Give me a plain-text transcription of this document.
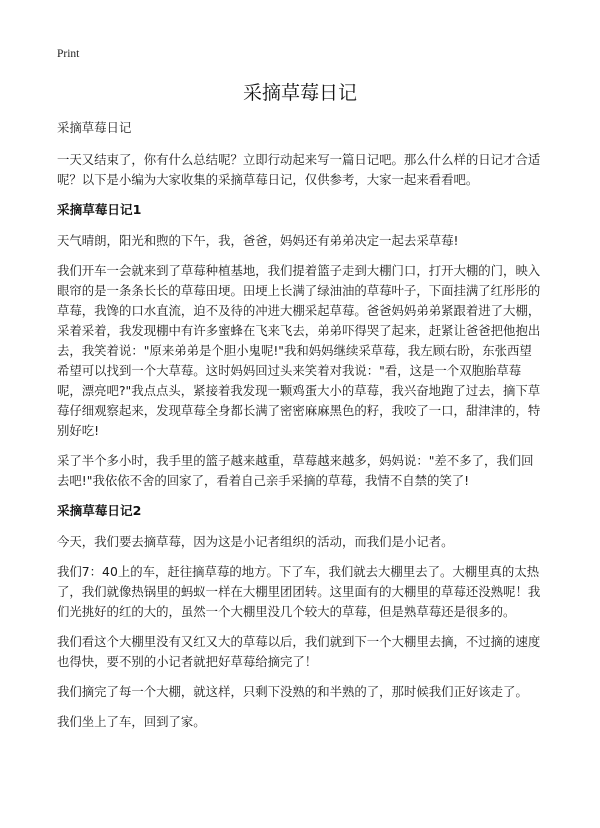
Print
采摘草莓日记

采摘草莓日记

一天又结束了，你有什么总结呢？立即行动起来写一篇日记吧。那么什么样的日记才合适呢？以下是小编为大家收集的采摘草莓日记，仅供参考，大家一起来看看吧。

采摘草莓日记1

天气晴朗，阳光和煦的下午，我，爸爸，妈妈还有弟弟决定一起去采草莓!

我们开车一会就来到了草莓种植基地，我们提着篮子走到大棚门口，打开大棚的门，映入眼帘的是一条条长长的草莓田埂。田埂上长满了绿油油的草莓叶子，下面挂满了红彤彤的草莓，我馋的口水直流，迫不及待的冲进大棚采起草莓。爸爸妈妈弟弟紧跟着进了大棚，采着采着，我发现棚中有许多蜜蜂在飞来飞去，弟弟吓得哭了起来，赶紧让爸爸把他抱出去，我笑着说："原来弟弟是个胆小鬼呢!"我和妈妈继续采草莓，我左顾右盼，东张西望希望可以找到一个大草莓。这时妈妈回过头来笑着对我说："看，这是一个双胞胎草莓呢，漂亮吧?"我点点头，紧接着我发现一颗鸡蛋大小的草莓，我兴奋地跑了过去，摘下草莓仔细观察起来，发现草莓全身都长满了密密麻麻黑色的籽，我咬了一口，甜津津的，特别好吃!

采了半个多小时，我手里的篮子越来越重，草莓越来越多，妈妈说："差不多了，我们回去吧!"我依依不舍的回家了，看着自己亲手采摘的草莓，我情不自禁的笑了!

采摘草莓日记2

今天，我们要去摘草莓，因为这是小记者组织的活动，而我们是小记者。

我们7：40上的车，赶往摘草莓的地方。下了车，我们就去大棚里去了。大棚里真的太热了，我们就像热锅里的蚂蚁一样在大棚里团团转。这里面有的大棚里的草莓还没熟呢！我们光挑好的红的大的，虽然一个大棚里没几个较大的草莓，但是熟草莓还是很多的。

我们看这个大棚里没有又红又大的草莓以后，我们就到下一个大棚里去摘，不过摘的速度也得快，要不别的小记者就把好草莓给摘完了！

我们摘完了每一个大棚，就这样，只剩下没熟的和半熟的了，那时候我们正好该走了。

我们坐上了车，回到了家。
